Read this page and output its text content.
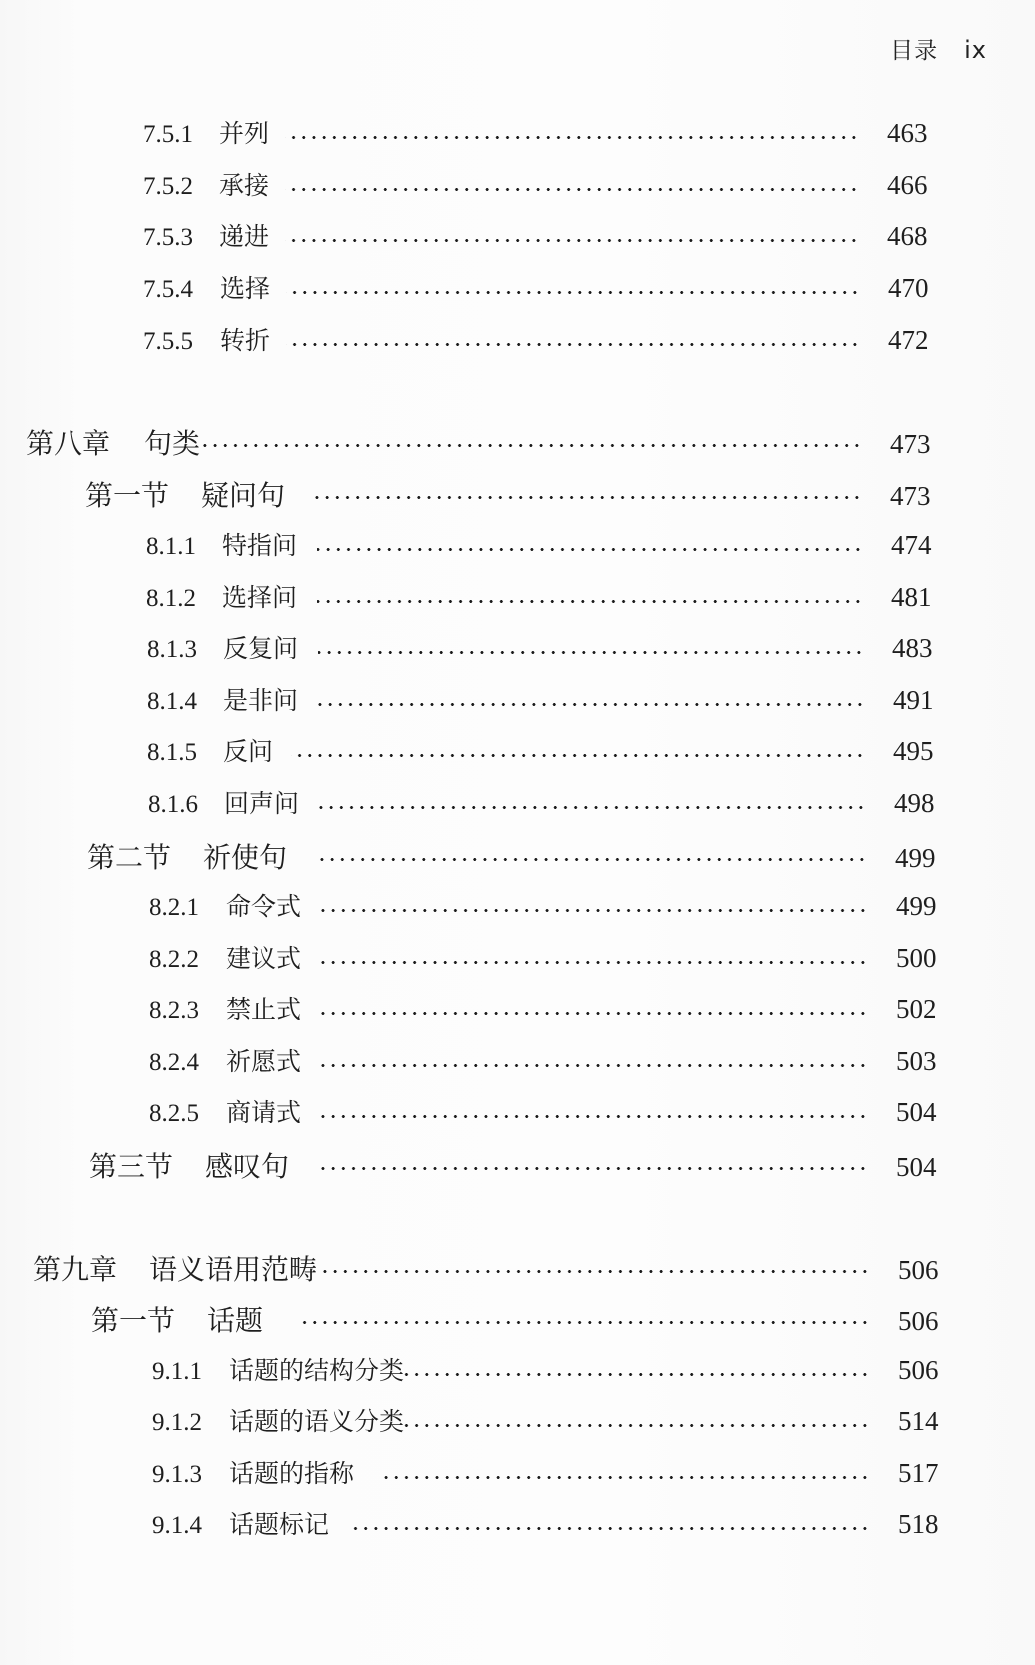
目录 ix
7.5.1	并列	463
7.5.2	承接	466
7.5.3	递进	468
7.5.4	选择	470
7.5.5	转折	472
第八章	句类	473
第一节	疑问句	473
8.1.1	特指问	474
8.1.2	选择问	481
8.1.3	反复问	483
8.1.4	是非问	491
8.1.5	反问	495
8.1.6	回声问	498
第二节	祈使句	499
8.2.1	命令式	499
8.2.2	建议式	500
8.2.3	禁止式	502
8.2.4	祈愿式	503
8.2.5	商请式	504
第三节	感叹句	504
第九章	语义语用范畴	506
第一节	话题	506
9.1.1	话题的结构分类	506
9.1.2	话题的语义分类	514
9.1.3	话题的指称	517
9.1.4	话题标记	518
